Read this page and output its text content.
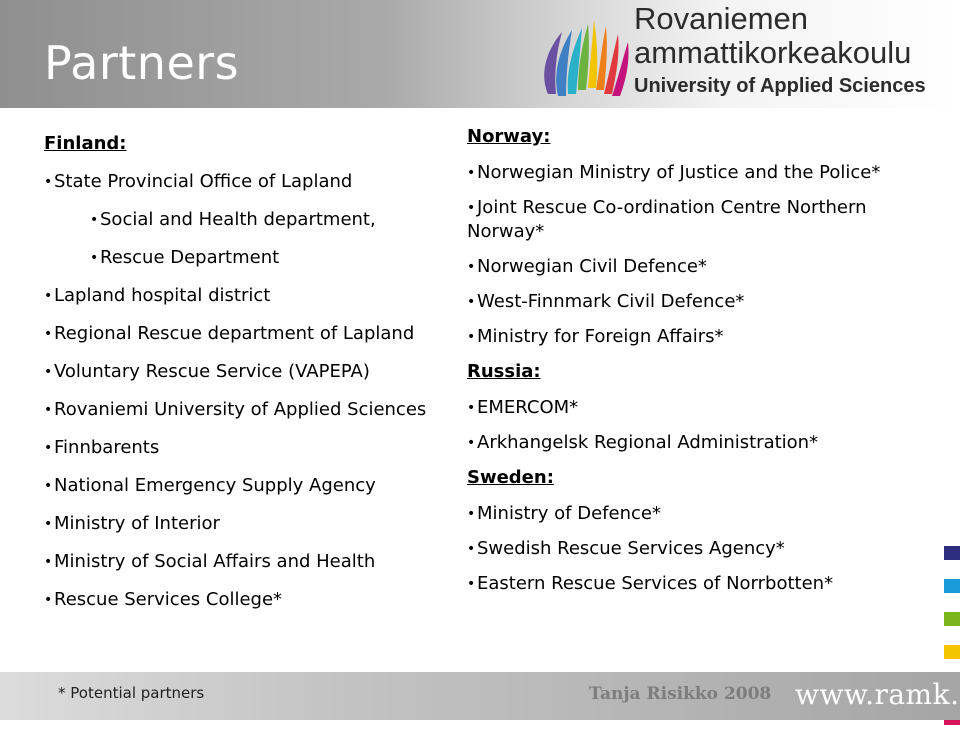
Partners
Rovaniemen
ammattikorkeakoulu
University of Applied Sciences
Finland:
• State Provincial Office of Lapland
• Social and Health department,
• Rescue Department
• Lapland hospital district
• Regional Rescue department of Lapland
• Voluntary Rescue Service (VAPEPA)
• Rovaniemi University of Applied Sciences
• Finnbarents
• National Emergency Supply Agency
• Ministry of Interior
• Ministry of Social Affairs and Health
• Rescue Services College*
Norway:
• Norwegian Ministry of Justice and the Police*
• Joint Rescue Co-ordination Centre Northern Norway*
• Norwegian Civil Defence*
• West-Finnmark Civil Defence*
• Ministry for Foreign Affairs*
Russia:
• EMERCOM*
• Arkhangelsk Regional Administration*
Sweden:
• Ministry of Defence*
• Swedish Rescue Services Agency*
• Eastern Rescue Services of Norrbotten*
* Potential partners	Tanja Risikko 2008 www.ramk.fi
